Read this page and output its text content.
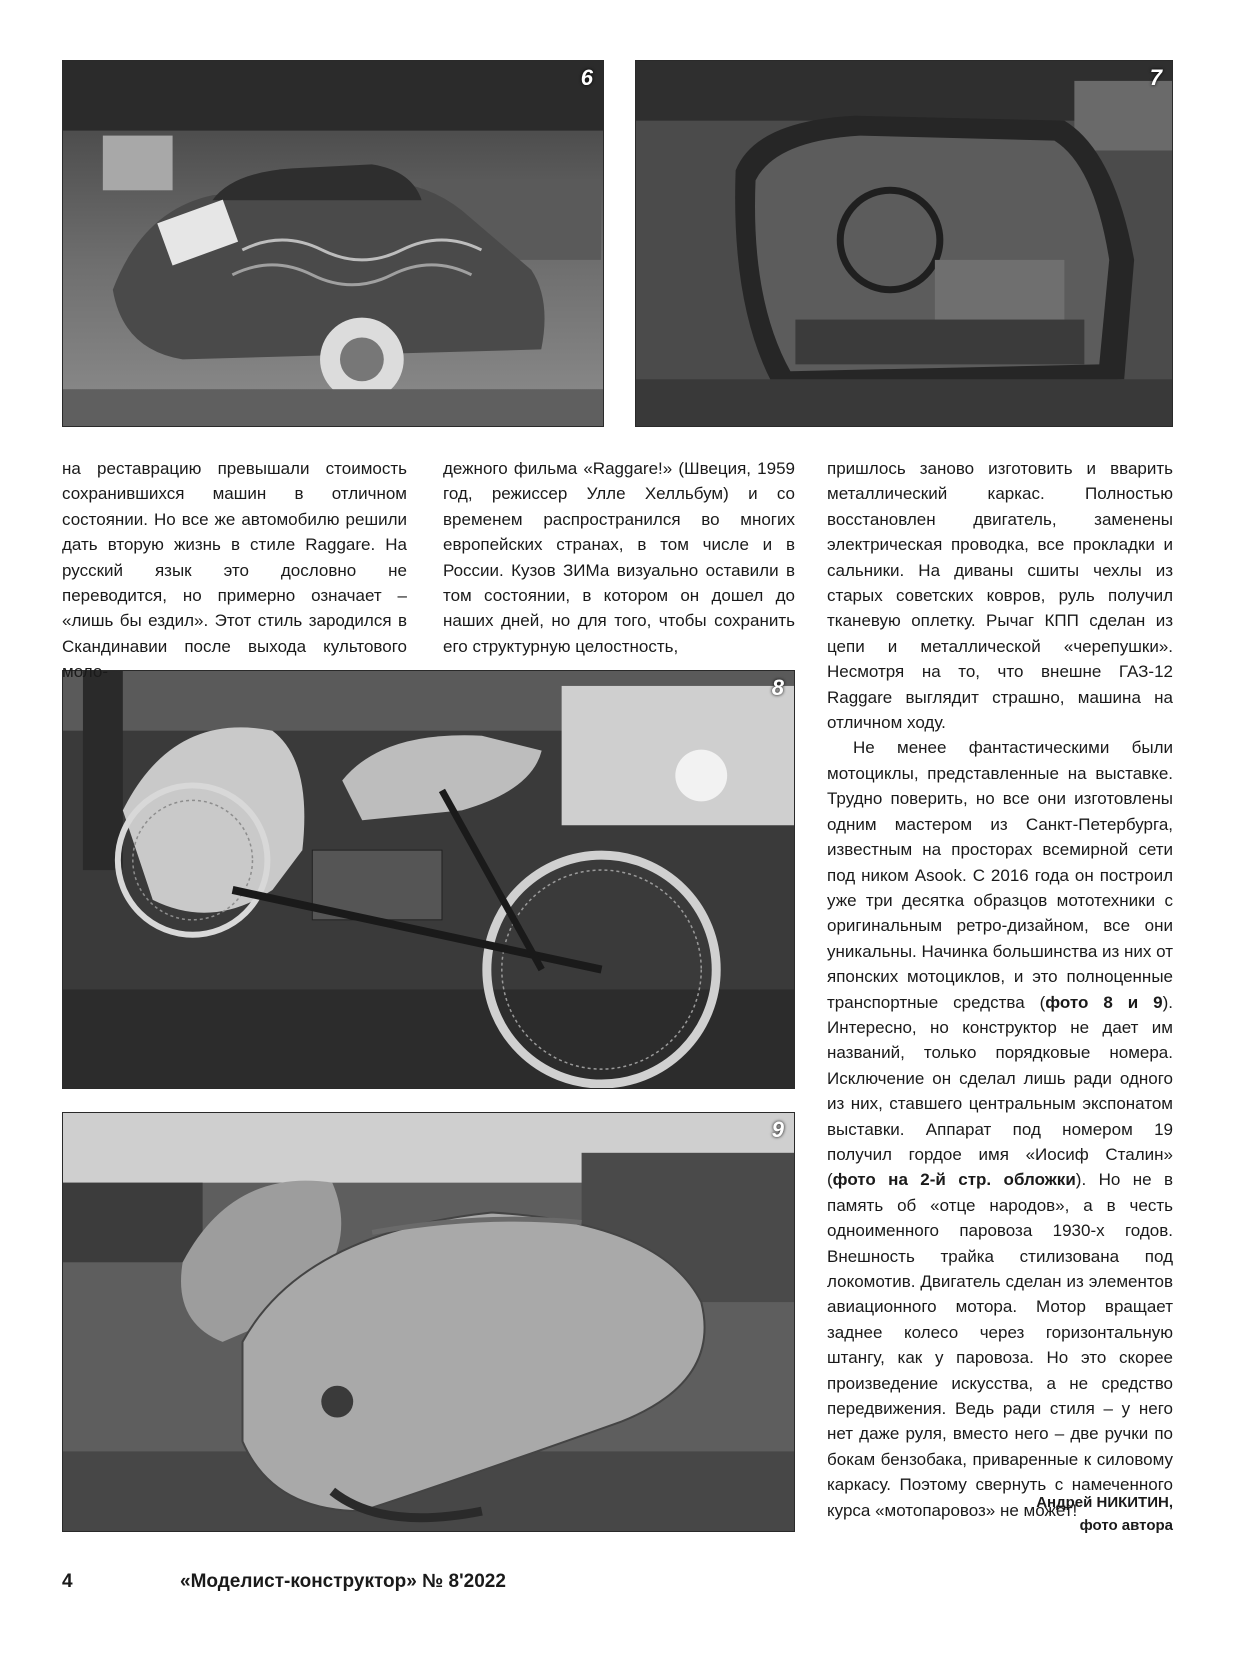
6	7
8
9

на реставрацию превышали стоимость сохранившихся машин в отличном состоянии. Но все же автомобилю решили дать вторую жизнь в стиле Raggare. На русский язык это дословно не переводится, но примерно означает – «лишь бы ездил». Этот стиль зародился в Скандинавии после выхода культового моло-

дежного фильма «Raggare!» (Швеция, 1959 год, режиссер Улле Хелльбум) и со временем распространился во многих европейских странах, в том числе и в России. Кузов ЗИМа визуально оставили в том состоянии, в котором он дошел до наших дней, но для того, чтобы сохранить его структурную целостность,

пришлось заново изготовить и вварить металлический каркас. Полностью восстановлен двигатель, заменены электрическая проводка, все прокладки и сальники. На диваны сшиты чехлы из старых советских ковров, руль получил тканевую оплетку. Рычаг КПП сделан из цепи и металлической «черепушки». Несмотря на то, что внешне ГАЗ-12 Raggare выглядит страшно, машина на отличном ходу.

Не менее фантастическими были мотоциклы, представленные на выставке. Трудно поверить, но все они изготовлены одним мастером из Санкт-Петербурга, известным на просторах всемирной сети под ником Asook. С 2016 года он построил уже три десятка образцов мототехники с оригинальным ретро-дизайном, все они уникальны. Начинка большинства из них от японских мотоциклов, и это полноценные транспортные средства (фото 8 и 9). Интересно, но конструктор не дает им названий, только порядковые номера. Исключение он сделал лишь ради одного из них, ставшего центральным экспонатом выставки. Аппарат под номером 19 получил гордое имя «Иосиф Сталин» (фото на 2-й стр. обложки). Но не в память об «отце народов», а в честь одноименного паровоза 1930-х годов. Внешность трайка стилизована под локомотив. Двигатель сделан из элементов авиационного мотора. Мотор вращает заднее колесо через горизонтальную штангу, как у паровоза. Но это скорее произведение искусства, а не средство передвижения. Ведь ради стиля – у него нет даже руля, вместо него – две ручки по бокам бензобака, приваренные к силовому каркасу. Поэтому свернуть с намеченного курса «мотопаровоз» не может!

Андрей НИКИТИН,
фото автора
4	«Моделист-конструктор» № 8'2022
